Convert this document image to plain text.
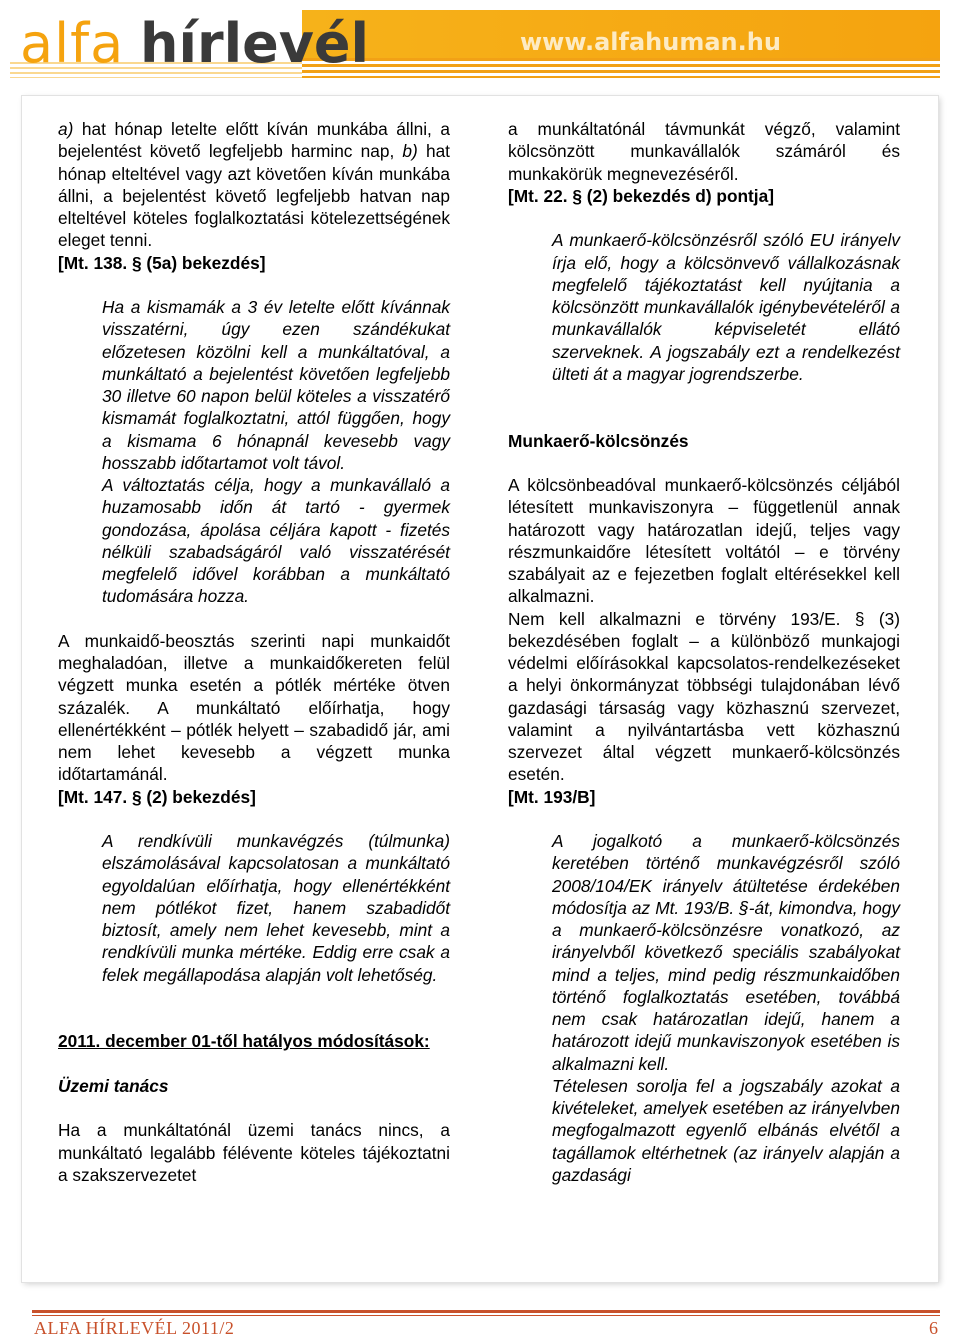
alfa hírlevél	www.alfahuman.hu

a) hat hónap letelte előtt kíván munkába állni, a bejelentést követő legfeljebb harminc nap, b) hat hónap elteltével vagy azt követően kíván munkába állni, a bejelentést követő legfeljebb hatvan nap elteltével köteles foglalkoztatási kötelezettségének eleget tenni.

[Mt. 138. § (5a) bekezdés]

Ha a kismamák a 3 év letelte előtt kívánnak visszatérni, úgy ezen szándékukat előzetesen közölni kell a munkáltatóval, a munkáltató a bejelentést követően legfeljebb 30 illetve 60 napon belül köteles a visszatérő kismamát foglalkoztatni, attól függően, hogy a kismama 6 hónapnál kevesebb vagy hosszabb időtartamot volt távol.

A változtatás célja, hogy a munkavállaló a huzamosabb időn át tartó - gyermek gondozása, ápolása céljára kapott - fizetés nélküli szabadságáról való visszatérését megfelelő idővel korábban a munkáltató tudomására hozza.

A munkaidő-beosztás szerinti napi munkaidőt meghaladóan, illetve a munkaidőkereten felül végzett munka esetén a pótlék mértéke ötven százalék. A munkáltató előírhatja, hogy ellenértékként – pótlék helyett – szabadidő jár, ami nem lehet kevesebb a végzett munka időtartamánál.

[Mt. 147. § (2) bekezdés]

A rendkívüli munkavégzés (túlmunka) elszámolásával kapcsolatosan a munkáltató egyoldalúan előírhatja, hogy ellenértékként nem pótlékot fizet, hanem szabadidőt biztosít, amely nem lehet kevesebb, mint a rendkívüli munka mértéke. Eddig erre csak a felek megállapodása alapján volt lehetőség.

2011. december 01-től hatályos módosítások:

Üzemi tanács

Ha a munkáltatónál üzemi tanács nincs, a munkáltató legalább félévente köteles tájékoztatni a szakszervezetet

a munkáltatónál távmunkát végző, valamint kölcsönzött munkavállalók számáról és munkakörük megnevezéséről.

[Mt. 22. § (2) bekezdés d) pontja]

A munkaerő-kölcsönzésről szóló EU irányelv írja elő, hogy a kölcsönvevő vállalkozásnak megfelelő tájékoztatást kell nyújtania a kölcsönzött munkavállalók igénybevételéről a munkavállalók képviseletét ellátó szerveknek. A jogszabály ezt a rendelkezést ülteti át a magyar jogrendszerbe.

Munkaerő-kölcsönzés

A kölcsönbeadóval munkaerő-kölcsönzés céljából létesített munkaviszonyra – függetlenül annak határozott vagy határozatlan idejű, teljes vagy részmunkaidőre létesített voltától – e törvény szabályait az e fejezetben foglalt eltérésekkel kell alkalmazni.

Nem kell alkalmazni e törvény 193/E. § (3) bekezdésében foglalt – a különböző munkajogi védelmi előírásokkal kapcsolatos-rendelkezéseket a helyi önkormányzat többségi tulajdonában lévő gazdasági társaság vagy közhasznú szervezet, valamint a nyilvántartásba vett közhasznú szervezet által végzett munkaerő-kölcsönzés esetén.

[Mt. 193/B]

A jogalkotó a munkaerő-kölcsönzés keretében történő munkavégzésről szóló 2008/104/EK irányelv átültetése érdekében módosítja az Mt. 193/B. §-át, kimondva, hogy a munkaerő-kölcsönzésre vonatkozó, az irányelvből következő speciális szabályokat mind a teljes, mind pedig részmunkaidőben történő foglalkoztatás esetében, továbbá nem csak határozatlan idejű, hanem a határozott idejű munkaviszonyok esetében is alkalmazni kell.

Tételesen sorolja fel a jogszabály azokat a kivételeket, amelyek esetében az irányelvben megfogalmazott egyenlő elbánás elvétől a tagállamok eltérhetnek (az irányelv alapján a gazdasági

ALFA HÍRLEVÉL 2011/2	6
